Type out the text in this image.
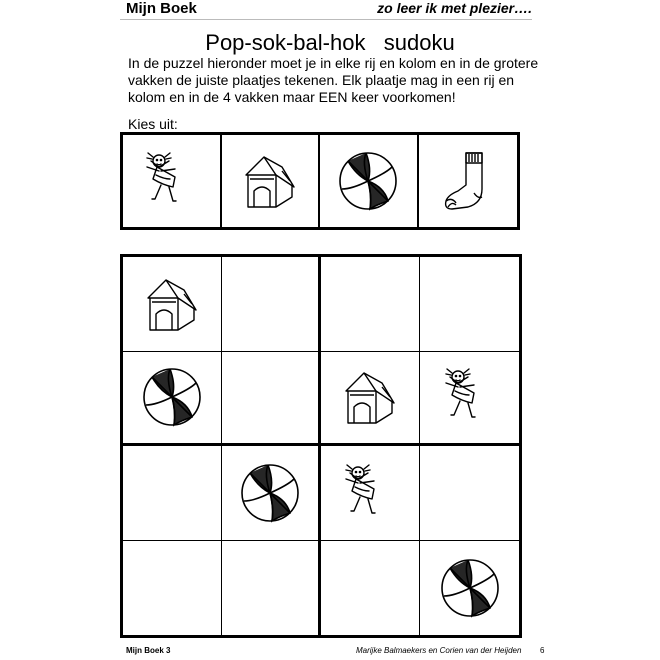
Mijn Boek	zo leer ik met plezier….
Pop-sok-bal-hok   sudoku
In de puzzel hieronder moet je in elke rij en kolom en in de grotere vakken de juiste plaatjes tekenen. Elk plaatje mag in een rij en kolom en in de 4 vakken maar EEN keer voorkomen!
Kies uit:
Mijn Boek 3	Marijke Balmaekers en Corien van der Heijden 6
